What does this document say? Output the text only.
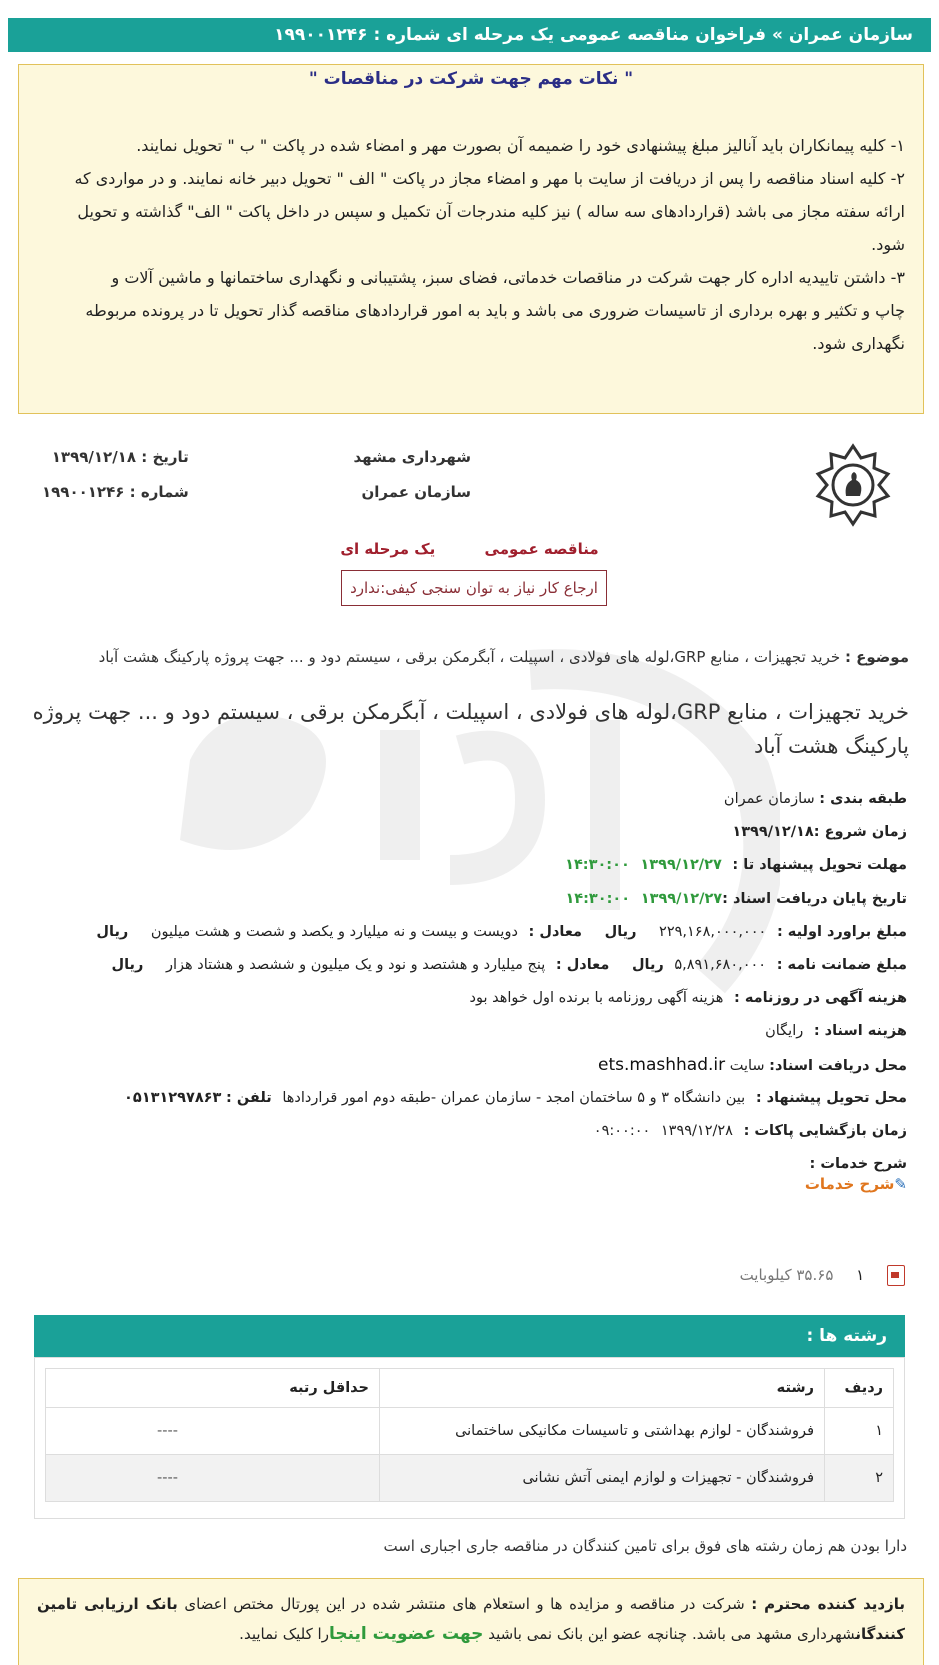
سازمان عمران » فراخوان مناقصه عمومی یک مرحله ای شماره : ۱۹۹۰۰۱۲۴۶
" نکات مهم جهت شرکت در مناقصات "
۱- کلیه پیمانکاران باید آنالیز مبلغ پیشنهادی خود را ضمیمه آن بصورت مهر و امضاء شده در پاکت " ب " تحویل نمایند.
۲- کلیه اسناد مناقصه را پس از دریافت از سایت با مهر و امضاء مجاز در پاکت " الف " تحویل دبیر خانه نمایند. و در مواردی که
ارائه سفته مجاز می باشد (قراردادهای سه ساله ) نیز کلیه مندرجات آن تکمیل و سپس در داخل پاکت " الف" گذاشته و تحویل
شود.
۳- داشتن تاییدیه اداره کار جهت شرکت در مناقصات خدماتی، فضای سبز، پشتیبانی و نگهداری ساختمانها و ماشین آلات و
چاپ و تکثیر و بهره برداری از تاسیسات ضروری می باشد و باید به امور قراردادهای مناقصه گذار تحویل تا در پرونده مربوطه
نگهداری شود.
شهرداری مشهد
سازمان عمران
تاریخ : ۱۳۹۹/۱۲/۱۸
شماره : ۱۹۹۰۰۱۲۴۶
مناقصه عمومی یک مرحله ای
ارجاع کار نیاز به توان سنجی کیفی:ندارد
موضوع : خرید تجهیزات ، منابع GRP،لوله های فولادی ، اسپیلت ، آبگرمکن برقی ، سیستم دود و ... جهت پروژه پارکینگ هشت آباد
خرید تجهیزات ، منابع GRP،لوله های فولادی ، اسپیلت ، آبگرمکن برقی ، سیستم دود و ... جهت پروژه
پارکینگ هشت آباد
طبقه بندی : سازمان عمران
زمان شروع :۱۳۹۹/۱۲/۱۸
مهلت تحویل پیشنهاد تا : ۱۳۹۹/۱۲/۲۷ ۱۴:۳۰:۰۰
تاریخ پایان دریافت اسناد :۱۳۹۹/۱۲/۲۷ ۱۴:۳۰:۰۰
مبلغ براورد اولیه : ۲۲۹,۱۶۸,۰۰۰,۰۰۰ ریال معادل : دویست و بیست و نه میلیارد و یکصد و شصت و هشت میلیون ریال
مبلغ ضمانت نامه : ۵,۸۹۱,۶۸۰,۰۰۰ ریال معادل : پنج میلیارد و هشتصد و نود و یک میلیون و ششصد و هشتاد هزار ریال
هزینه آگهی در روزنامه : هزینه آگهی روزنامه با برنده اول خواهد بود
هزینه اسناد : رایگان
محل دریافت اسناد: سایت ets.mashhad.ir
محل تحویل پیشنهاد : بین دانشگاه ۳ و ۵ ساختمان امجد - سازمان عمران -طبقه دوم امور قراردادها تلفن : ۰۵۱۳۱۲۹۷۸۶۳
زمان بازگشایی پاکات : ۱۳۹۹/۱۲/۲۸ ۰۹:۰۰:۰۰
شرح خدمات :
✎شرح خدمات
۱ ۳۵.۶۵ کیلوبایت
رشته ها :
ردیف	رشته	حداقل رتبه
۱	فروشندگان - لوازم بهداشتی و تاسیسات مکانیکی ساختمانی	----
۲	فروشندگان - تجهیزات و لوازم ایمنی آتش نشانی	----
دارا بودن هم زمان رشته های فوق برای تامین کنندگان در مناقصه جاری اجباری است
بازدید کننده محترم : شرکت در مناقصه و مزایده ها و استعلام های منتشر شده در این پورتال مختص اعضای بانک ارزیابی تامین کنندگانشهرداری مشهد می باشد. چنانچه عضو این بانک نمی باشید جهت عضویت اینجارا کلیک نمایید.
